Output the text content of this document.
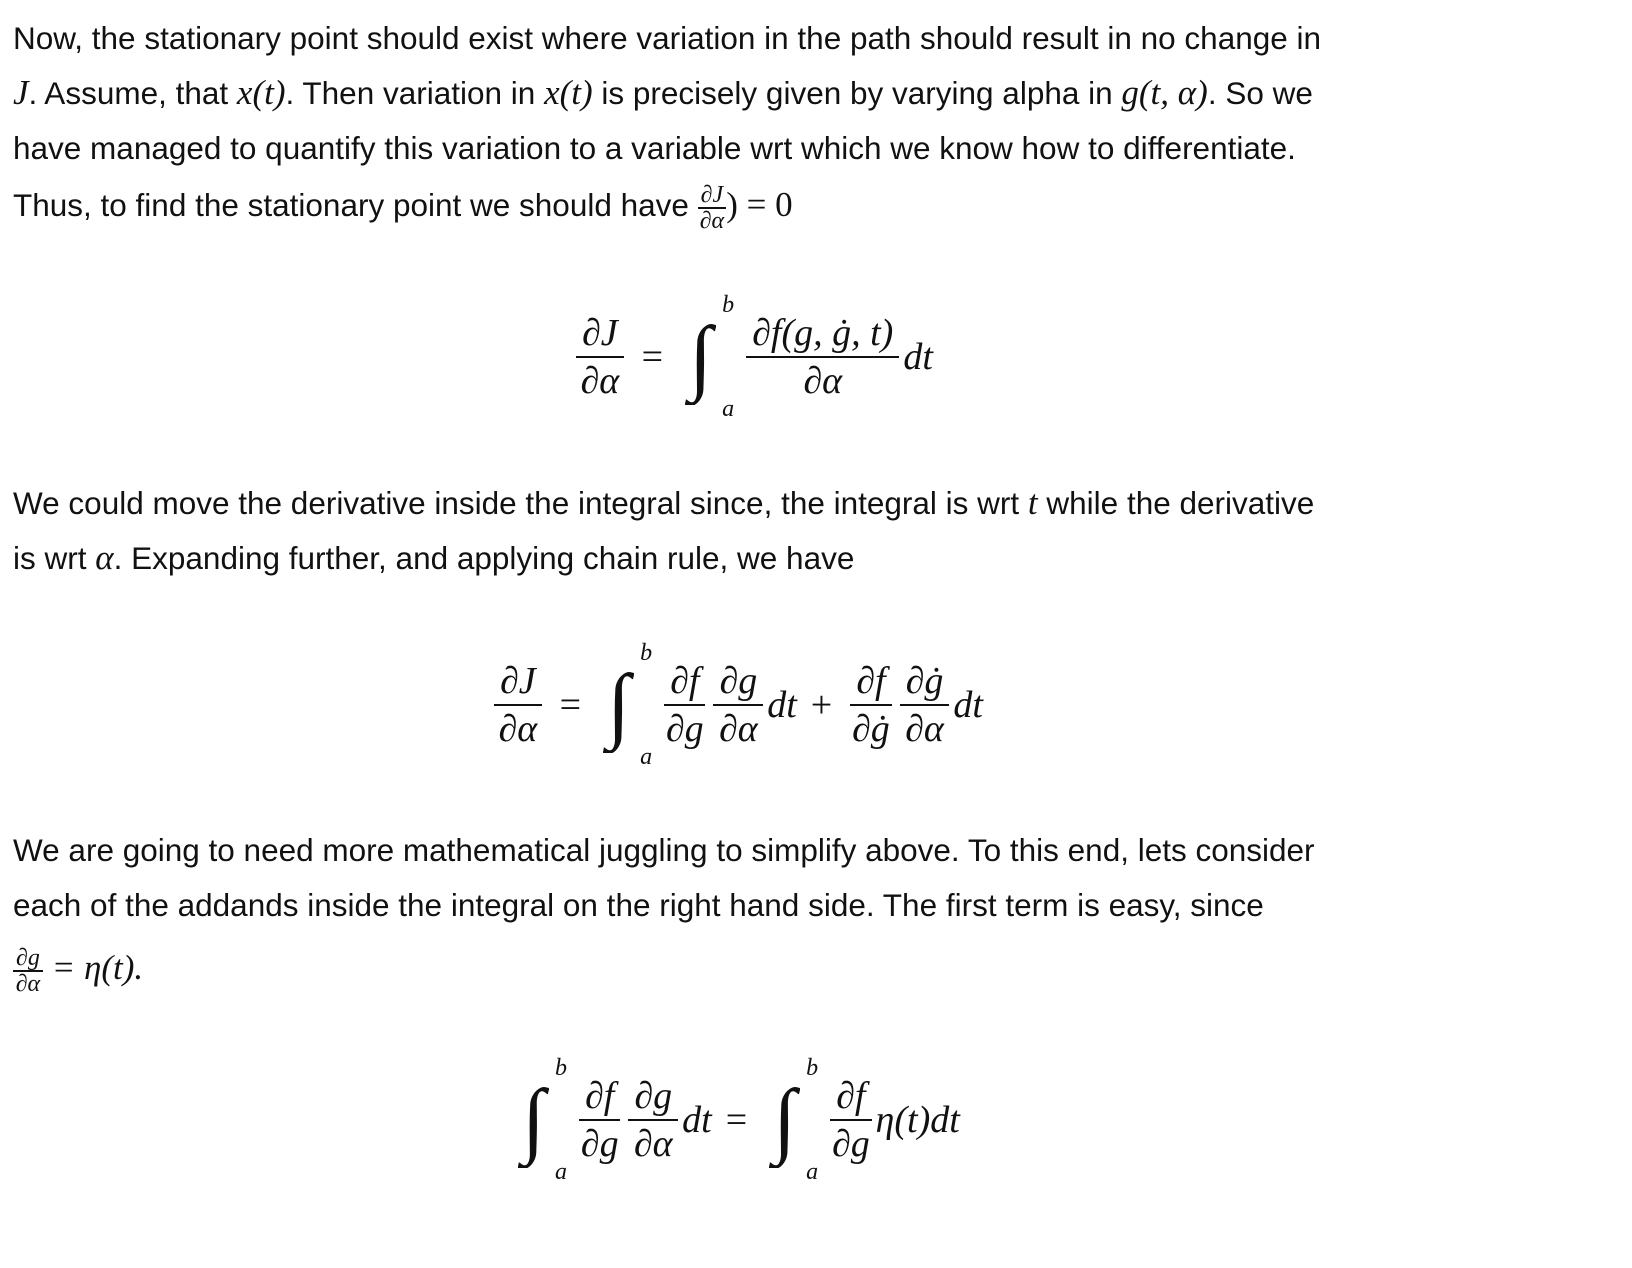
Now, the stationary point should exist where variation in the path should result in no change in
J. Assume, that x(t). Then variation in x(t) is precisely given by varying alpha in g(t, α). So we
have managed to quantify this variation to a variable wrt which we know how to differentiate.
Thus, to find the stationary point we should have $\frac{\partial J}{\partial\alpha}$ ) = 0
$\frac{\partial J}{\partial\alpha}$ = ∫
b
a
$\frac{\partial f(g, ġ, t)}{\partial\alpha}$ dt
We could move the derivative inside the integral since, the integral is wrt t while the derivative
is wrt α. Expanding further, and applying chain rule, we have
$\frac{\partial J}{\partial\alpha}$ = ∫
b
a
$\frac{\partial f}{\partial g} \frac{\partial g}{\partial\alpha}$ dt + $\frac{\partial f}{\partial ġ} \frac{\partial ġ}{\partial\alpha}$ dt
We are going to need more mathematical juggling to simplify above. To this end, lets consider
each of the addands inside the integral on the right hand side. The first term is easy, since
$\frac{\partial g}{\partial\alpha} = \eta(t)$.
∫
b
a
$\frac{\partial f}{\partial g} \frac{\partial g}{\partial\alpha}$ dt = ∫
b
a
$\frac{\partial f}{\partial g} \eta(t)dt$
